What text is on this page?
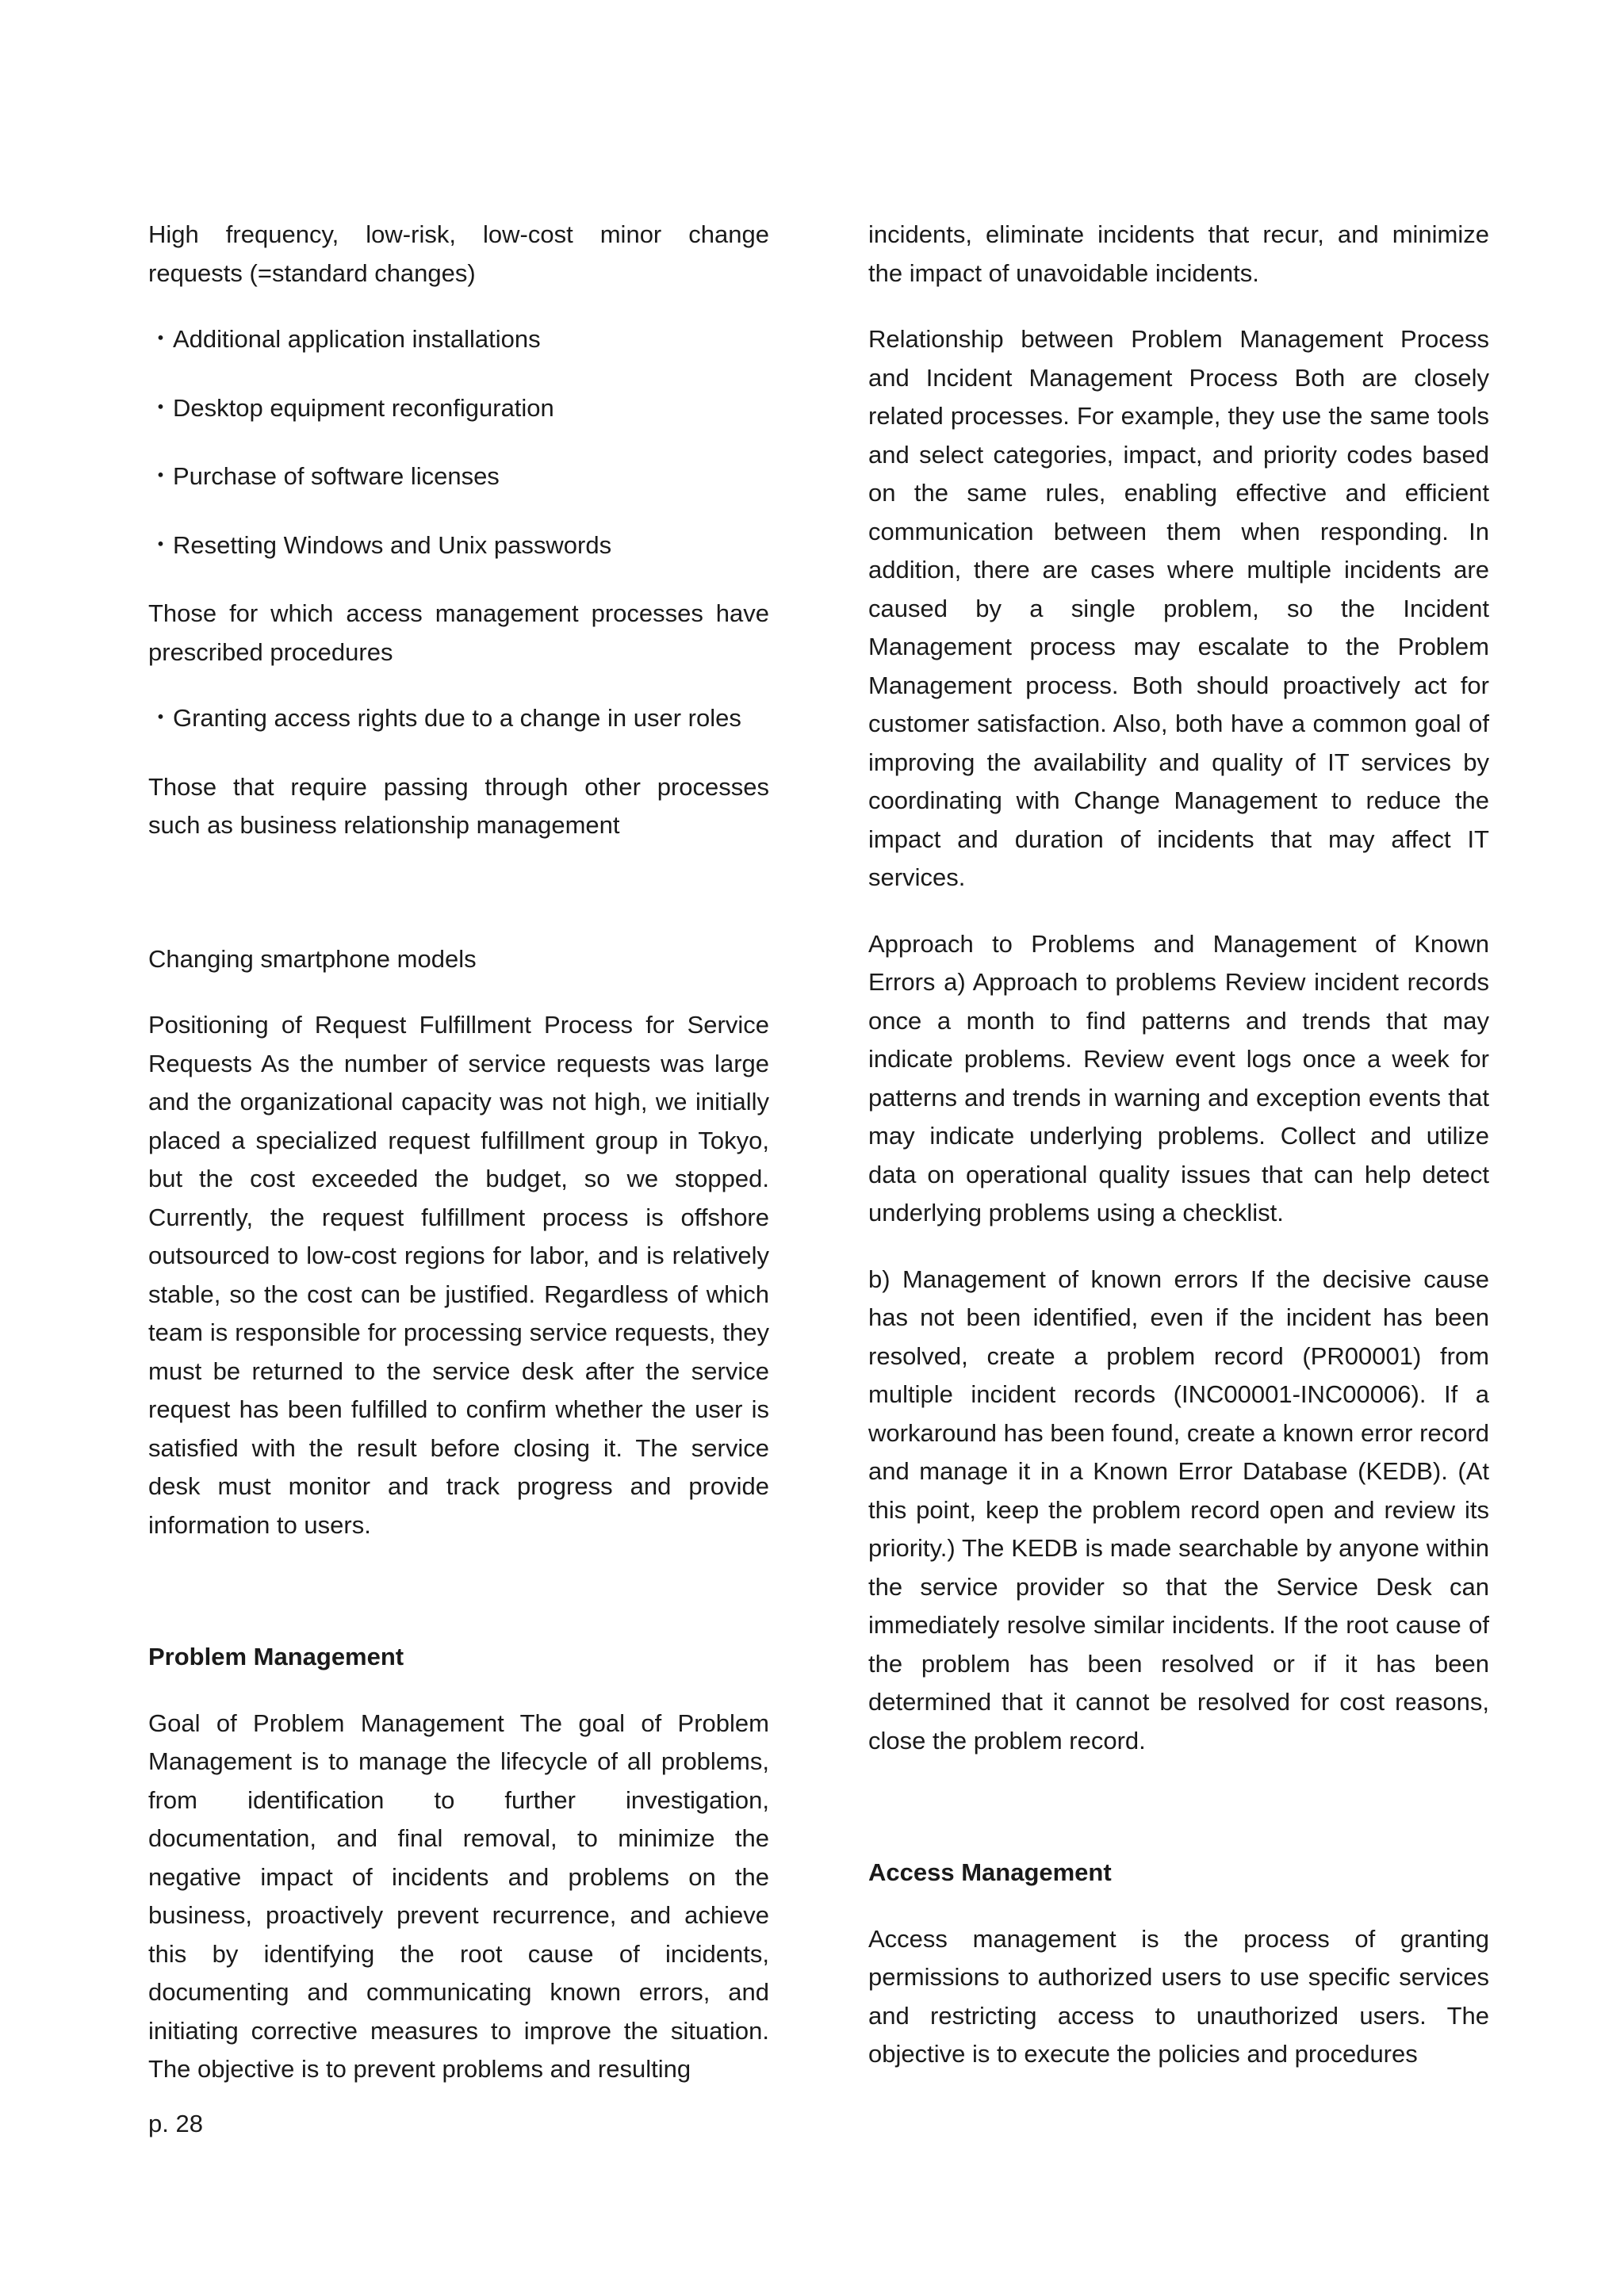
High frequency, low-risk, low-cost minor change requests (=standard changes)

・Additional application installations

・Desktop equipment reconfiguration

・Purchase of software licenses

・Resetting Windows and Unix passwords

Those for which access management processes have prescribed procedures

・Granting access rights due to a change in user roles

Those that require passing through other processes such as business relationship management

Changing smartphone models

Positioning of Request Fulfillment Process for Service Requests As the number of service requests was large and the organizational capacity was not high, we initially placed a specialized request fulfillment group in Tokyo, but the cost exceeded the budget, so we stopped. Currently, the request fulfillment process is offshore outsourced to low-cost regions for labor, and is relatively stable, so the cost can be justified. Regardless of which team is responsible for processing service requests, they must be returned to the service desk after the service request has been fulfilled to confirm whether the user is satisfied with the result before closing it. The service desk must monitor and track progress and provide information to users.

Problem Management

Goal of Problem Management The goal of Problem Management is to manage the lifecycle of all problems, from identification to further investigation, documentation, and final removal, to minimize the negative impact of incidents and problems on the business, proactively prevent recurrence, and achieve this by identifying the root cause of incidents, documenting and communicating known errors, and initiating corrective measures to improve the situation. The objective is to prevent problems and resulting

incidents, eliminate incidents that recur, and minimize the impact of unavoidable incidents.

Relationship between Problem Management Process and Incident Management Process Both are closely related processes. For example, they use the same tools and select categories, impact, and priority codes based on the same rules, enabling effective and efficient communication between them when responding. In addition, there are cases where multiple incidents are caused by a single problem, so the Incident Management process may escalate to the Problem Management process. Both should proactively act for customer satisfaction. Also, both have a common goal of improving the availability and quality of IT services by coordinating with Change Management to reduce the impact and duration of incidents that may affect IT services.

Approach to Problems and Management of Known Errors a) Approach to problems Review incident records once a month to find patterns and trends that may indicate problems. Review event logs once a week for patterns and trends in warning and exception events that may indicate underlying problems. Collect and utilize data on operational quality issues that can help detect underlying problems using a checklist.

b) Management of known errors If the decisive cause has not been identified, even if the incident has been resolved, create a problem record (PR00001) from multiple incident records (INC00001-INC00006). If a workaround has been found, create a known error record and manage it in a Known Error Database (KEDB). (At this point, keep the problem record open and review its priority.) The KEDB is made searchable by anyone within the service provider so that the Service Desk can immediately resolve similar incidents. If the root cause of the problem has been resolved or if it has been determined that it cannot be resolved for cost reasons, close the problem record.

Access Management

Access management is the process of granting permissions to authorized users to use specific services and restricting access to unauthorized users. The objective is to execute the policies and procedures

p. 28
